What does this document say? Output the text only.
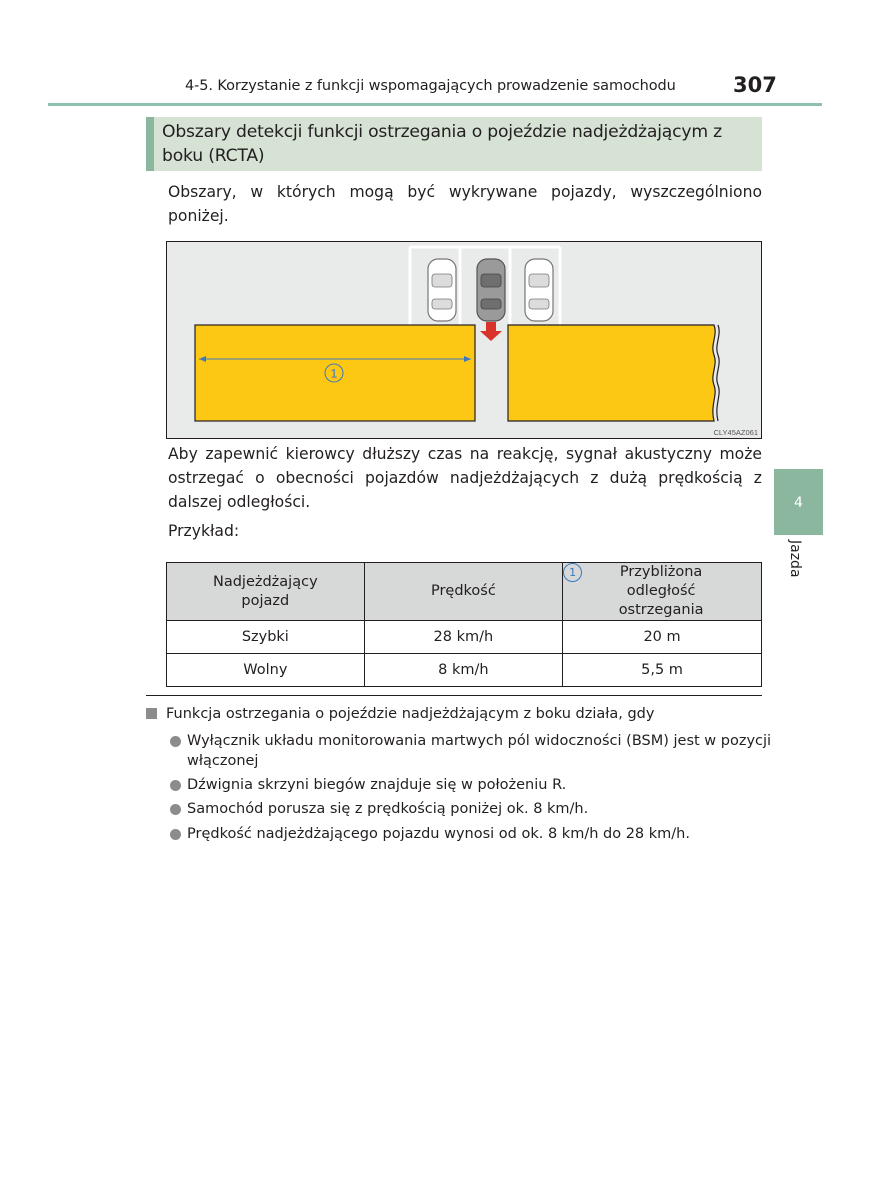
4-5. Korzystanie z funkcji wspomagających prowadzenie samochodu	307
Obszary detekcji funkcji ostrzegania o pojeździe nadjeżdżającym z boku (RCTA)
Obszary, w których mogą być wykrywane pojazdy, wyszczególniono poniżej.
1
CLY45AZ061
Aby zapewnić kierowcy dłuższy czas na reakcję, sygnał akustyczny może ostrzegać o obecności pojazdów nadjeżdżających z dużą prędkością z dalszej odległości.
Przykład:
4
Jazda
Nadjeżdżający pojazd	Prędkość	1 Przybliżona odległość ostrzegania

Szybki	28 km/h	20 m
Wolny	8 km/h	5,5 m
Funkcja ostrzegania o pojeździe nadjeżdżającym z boku działa, gdy
Wyłącznik układu monitorowania martwych pól widoczności (BSM) jest w pozycji włączonej
Dźwignia skrzyni biegów znajduje się w położeniu R.
Samochód porusza się z prędkością poniżej ok. 8 km/h.
Prędkość nadjeżdżającego pojazdu wynosi od ok. 8 km/h do 28 km/h.
